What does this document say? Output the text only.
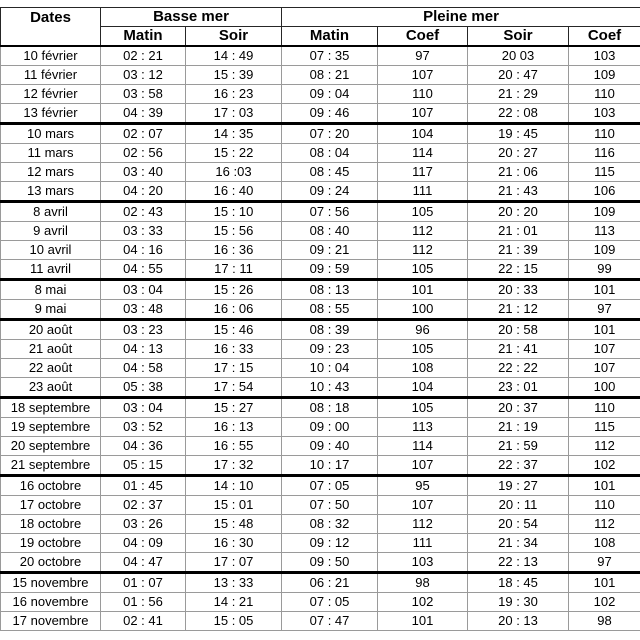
Dates	Basse mer		Pleine mer			
	Matin	Soir	Matin	Coef	Soir	Coef
10 février	02 : 21	14 : 49	07 : 35	97	20 03	103
11 février	03 : 12	15 : 39	08 : 21	107	20 : 47	109
12 février	03 : 58	16 : 23	09 : 04	110	21 : 29	110
13 février	04 : 39	17 : 03	09 : 46	107	22 : 08	103
10 mars	02 : 07	14 : 35	07 : 20	104	19 : 45	110
11 mars	02 : 56	15 : 22	08 : 04	114	20 : 27	116
12 mars	03 : 40	16 :03	08 : 45	117	21 : 06	115
13 mars	04 : 20	16 : 40	09 : 24	111	21 : 43	106
8 avril	02 : 43	15 : 10	07 : 56	105	20 : 20	109
9 avril	03 : 33	15 : 56	08 : 40	112	21 : 01	113
10 avril	04 : 16	16 : 36	09 : 21	112	21 : 39	109
11 avril	04 : 55	17 : 11	09 : 59	105	22 : 15	99
8 mai	03 : 04	15 : 26	08 : 13	101	20 : 33	101
9 mai	03 : 48	16 : 06	08 : 55	100	21 : 12	97
20 août	03 : 23	15 : 46	08 : 39	96	20 : 58	101
21 août	04 : 13	16 : 33	09 : 23	105	21 : 41	107
22 août	04 : 58	17 : 15	10 : 04	108	22 : 22	107
23 août	05 : 38	17 : 54	10 : 43	104	23 : 01	100
18 septembre	03 : 04	15 : 27	08 : 18	105	20 : 37	110
19 septembre	03 : 52	16 : 13	09 : 00	113	21 : 19	115
20 septembre	04 : 36	16 : 55	09 : 40	114	21 : 59	112
21 septembre	05 : 15	17 : 32	10 : 17	107	22 : 37	102
16 octobre	01 : 45	14 : 10	07 : 05	95	19 : 27	101
17 octobre	02 : 37	15 : 01	07 : 50	107	20 : 11	110
18 octobre	03 : 26	15 : 48	08 : 32	112	20 : 54	112
19 octobre	04 : 09	16 : 30	09 : 12	111	21 : 34	108
20 octobre	04 : 47	17 : 07	09 : 50	103	22 : 13	97
15 novembre	01 : 07	13 : 33	06 : 21	98	18 : 45	101
16 novembre	01 : 56	14 : 21	07 : 05	102	19 : 30	102
17 novembre	02 : 41	15 : 05	07 : 47	101	20 : 13	98
